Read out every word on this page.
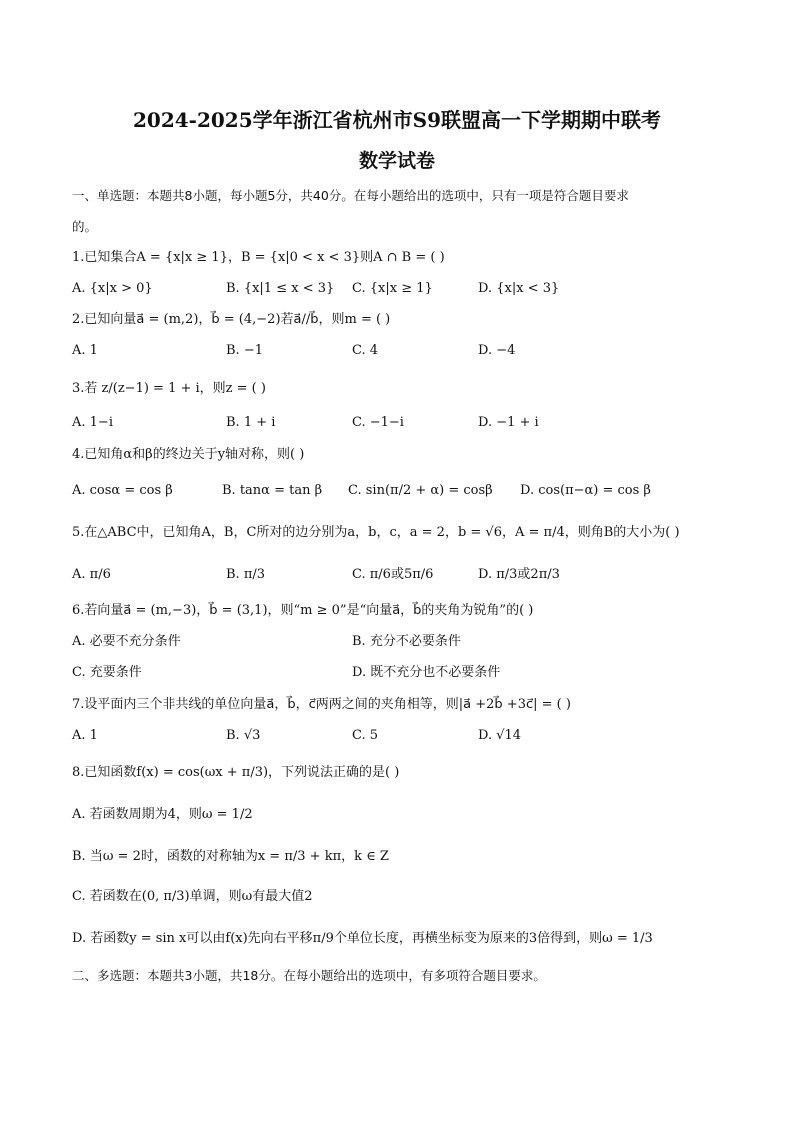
2024-2025学年浙江省杭州市S9联盟高一下学期期中联考
数学试卷
一、单选题：本题共8小题，每小题5分，共40分。在每小题给出的选项中，只有一项是符合题目要求
的。
1.已知集合A = {x|x ≥ 1}，B = {x|0 < x < 3}则A ∩ B = ( )
A. {x|x > 0}	B. {x|1 ≤ x < 3} C. {x|x ≥ 1}	D. {x|x < 3}
2.已知向量a⃗ = (m,2)，b⃗ = (4,−2)若a⃗//b⃗，则m = ( )
A. 1	B. −1	C. 4	D. −4
3.若 z/(z−1) = 1 + i，则z = ( )
A. 1−i	B. 1 + i	C. −1−i	D. −1 + i
4.已知角α和β的终边关于y轴对称，则( )
A. cosα = cos β	B. tanα = tan β C. sin(π/2 + α) = cosβ D. cos(π−α) = cos β
5.在△ABC中，已知角A，B，C所对的边分别为a，b，c，a = 2，b = √6，A = π/4，则角B的大小为( )
A. π/6	B. π/3	C. π/6或5π/6	D. π/3或2π/3
6.若向量a⃗ = (m,−3)，b⃗ = (3,1)，则“m ≥ 0”是“向量a⃗，b⃗的夹角为锐角”的( )
A. 必要不充分条件	B. 充分不必要条件
C. 充要条件	D. 既不充分也不必要条件
7.设平面内三个非共线的单位向量a⃗，b⃗，c⃗两两之间的夹角相等，则|a⃗ +2b⃗ +3c⃗| = ( )
A. 1	B. √3	C. 5	D. √14
8.已知函数f(x) = cos(ωx + π/3)，下列说法正确的是( )
A. 若函数周期为4，则ω = 1/2
B. 当ω = 2时，函数的对称轴为x = π/3 + kπ，k ∈ Z
C. 若函数在(0, π/3)单调，则ω有最大值2
D. 若函数y = sin x可以由f(x)先向右平移π/9个单位长度，再横坐标变为原来的3倍得到，则ω = 1/3
二、多选题：本题共3小题，共18分。在每小题给出的选项中，有多项符合题目要求。
